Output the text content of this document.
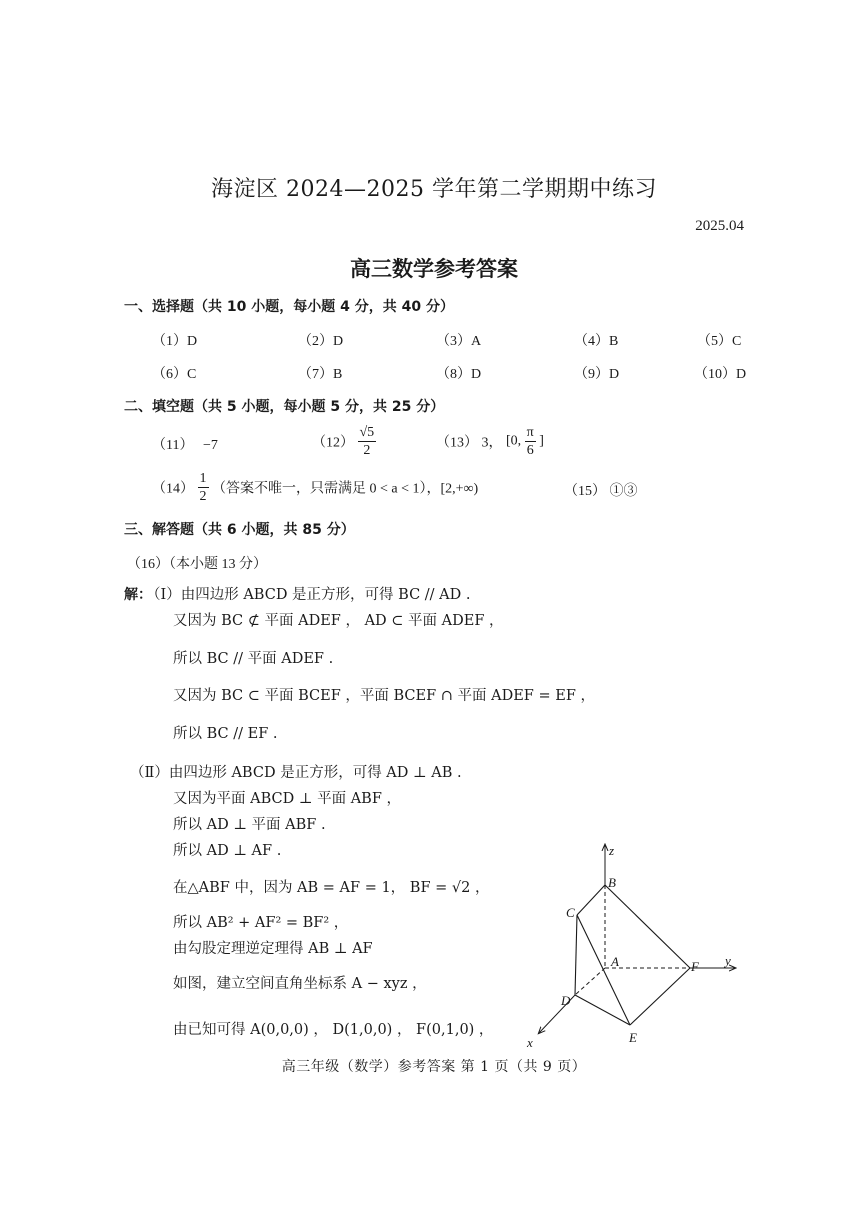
海淀区 2024—2025 学年第二学期期中练习
2025.04
高三数学参考答案
一、选择题（共 10 小题，每小题 4 分，共 40 分）
（1）D	（2）D	（3）A	（4）B	（5）C
（6）C	（7）B	（8）D	（9）D	（10）D
二、填空题（共 5 小题，每小题 5 分，共 25 分）
（11） −7	$(12) \frac{√5}{2}$	（13） 3， [0, $\frac{\pi}{6}$ ]
$(14) \frac{1}{2}$ （答案不唯一，只需满足 0 < a < 1），[2,+∞)	（15） ①③
三、解答题（共 6 小题，共 85 分）
（16）（本小题 13 分）
解：
（Ⅰ）由四边形 ABCD 是正方形，可得 BC // AD .
又因为 BC ⊄ 平面 ADEF ， AD ⊂ 平面 ADEF ，
所以 BC // 平面 ADEF .
又因为 BC ⊂ 平面 BCEF ，平面 BCEF ∩ 平面 ADEF = EF ，
所以 BC // EF .
（Ⅱ）由四边形 ABCD 是正方形，可得 AD ⊥ AB .
又因为平面 ABCD ⊥ 平面 ABF ，
所以 AD ⊥ 平面 ABF .
所以 AD ⊥ AF .
在△ABF 中，因为 AB = AF = 1， BF = √2 ，
所以 AB² + AF² = BF² ，
由勾股定理逆定理得 AB ⊥ AF
如图，建立空间直角坐标系 A − xyz ，
由已知可得 A(0,0,0) ， D(1,0,0) ， F(0,1,0) ，
z
B
C
A	F y
D
E
x
高三年级（数学）参考答案 第 1 页（共 9 页）
